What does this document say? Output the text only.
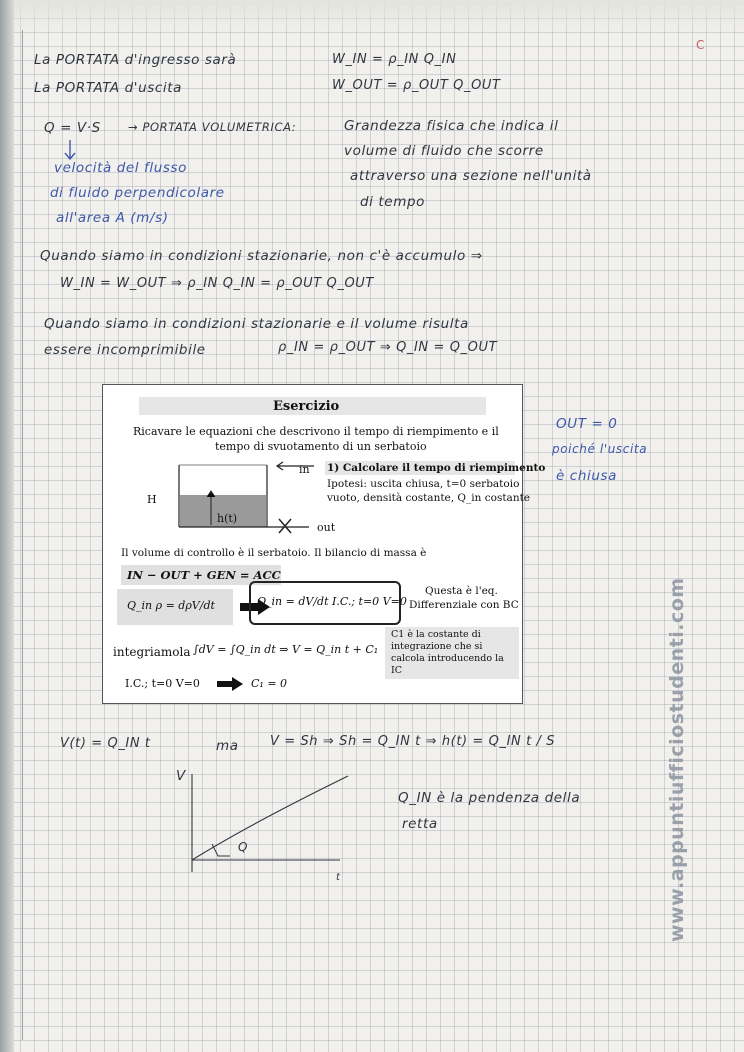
C
La PORTATA d'ingresso sarà	W_IN = ρ_IN Q_IN
La PORTATA d'uscita	W_OUT = ρ_OUT Q_OUT
Q = V·S → PORTATA VOLUMETRICA:	Grandezza fisica che indica il
volume di fluido che scorre
attraverso una sezione nell'unità
di tempo
velocità del flusso
di fluido perpendicolare
all'area A (m/s)
Quando siamo in condizioni stazionarie, non c'è accumulo ⇒
W_IN = W_OUT ⇒ ρ_IN Q_IN = ρ_OUT Q_OUT
Quando siamo in condizioni stazionarie e il volume risulta
essere incomprimibile	ρ_IN = ρ_OUT ⇒ Q_IN = Q_OUT
OUT = 0
poiché l'uscita
è chiusa
Esercizio
Ricavare le equazioni che descrivono il tempo di riempimento e il
tempo di svuotamento di un serbatoio
in
out
H
h(t)
1) Calcolare il tempo di riempimento
Ipotesi: uscita chiusa, t=0 serbatoio
vuoto, densità costante, Q_in costante
Il volume di controllo è il serbatoio. Il bilancio di massa è
IN − OUT + GEN = ACC
Q_in ρ = dρV/dt	Q_in = dV/dt I.C.; t=0 V=0
Questa è l'eq.
Differenziale con BC
integriamola ∫dV = ∫Q_in dt ⇒ V = Q_in t + C₁
C1 è la costante di
integrazione che si
calcola introducendo la
IC
I.C.; t=0 V=0	C₁ = 0
V(t) = Q_IN t	ma V = Sh ⇒ Sh = Q_IN t ⇒ h(t) = Q_IN t / S
V
t
Q
Q_IN è la pendenza della
retta	www.appuntiufficiostudenti.com
